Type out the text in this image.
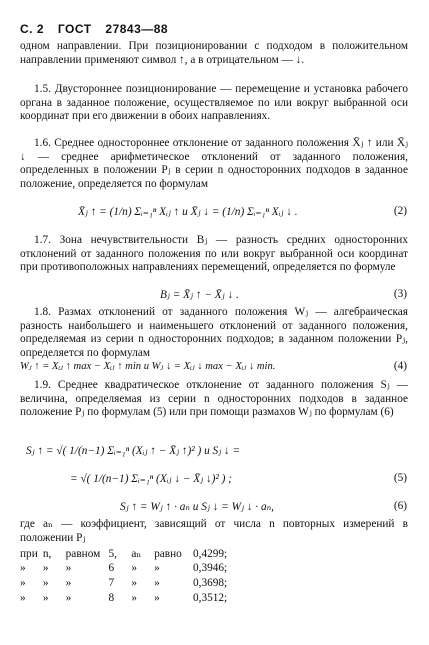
С. 2 ГОСТ 27843—88

одном направлении. При позиционировании с подходом в положительном направлении применяют символ ↑, а в отрицательном — ↓.

1.5. Двустороннее позиционирование — перемещение и установка рабочего органа в заданное положение, осуществляемое по или вокруг выбранной оси координат при его движении в обоих направлениях.

1.6. Среднее одностороннее отклонение от заданного положения X̄ⱼ ↑ или X̄ⱼ ↓ — среднее арифметическое отклонений от заданного положения, определенных в положении Pⱼ в серии n односторонних подходов в заданное положение, определяется по формулам

X̄ⱼ ↑ = (1/n) Σᵢ₌₁ⁿ Xᵢⱼ ↑ и X̄ⱼ ↓ = (1/n) Σᵢ₌₁ⁿ Xᵢⱼ ↓ .	(2)

1.7. Зона нечувствительности Bⱼ — разность средних односторонних отклонений от заданного положения по или вокруг выбранной оси координат при противоположных направлениях перемещений, определяется по формуле

Bⱼ = X̄ⱼ ↑ − X̄ⱼ ↓ .	(3)

1.8. Размах отклонений от заданного положения Wⱼ — алгебраическая разность наибольшего и наименьшего отклонений от заданного положения, определяемая из серии n односторонних подходов; в заданном положении Pⱼ, определяется по формулам

Wⱼ ↑ = Xᵢⱼ ↑ max − Xᵢⱼ ↑ min и Wⱼ ↓ = Xᵢⱼ ↓ max − Xᵢⱼ ↓ min.	(4)

1.9. Среднее квадратическое отклонение от заданного положения Sⱼ — величина, определяемая из серии n односторонних подходов в заданное положение Pⱼ по формулам (5) или при помощи размахов Wⱼ по формулам (6)

Sⱼ ↑ = √( 1/(n−1) Σᵢ₌₁ⁿ (Xᵢⱼ ↑ − X̄ⱼ ↑)² ) и Sⱼ ↓ =
= √( 1/(n−1) Σᵢ₌₁ⁿ (Xᵢⱼ ↓ − X̄ⱼ ↓)² ) ;	(5)
Sⱼ ↑ = Wⱼ ↑ · aₙ и Sⱼ ↓ = Wⱼ ↓ · aₙ,	(6)

где aₙ — коэффициент, зависящий от числа n повторных измерений в положении Pⱼ

при n, равном 5, aₙ равно 0,4299;
» » »	6 » »	0,3946;
» » »	7 » »	0,3698;
» » »	8 » »	0,3512;
